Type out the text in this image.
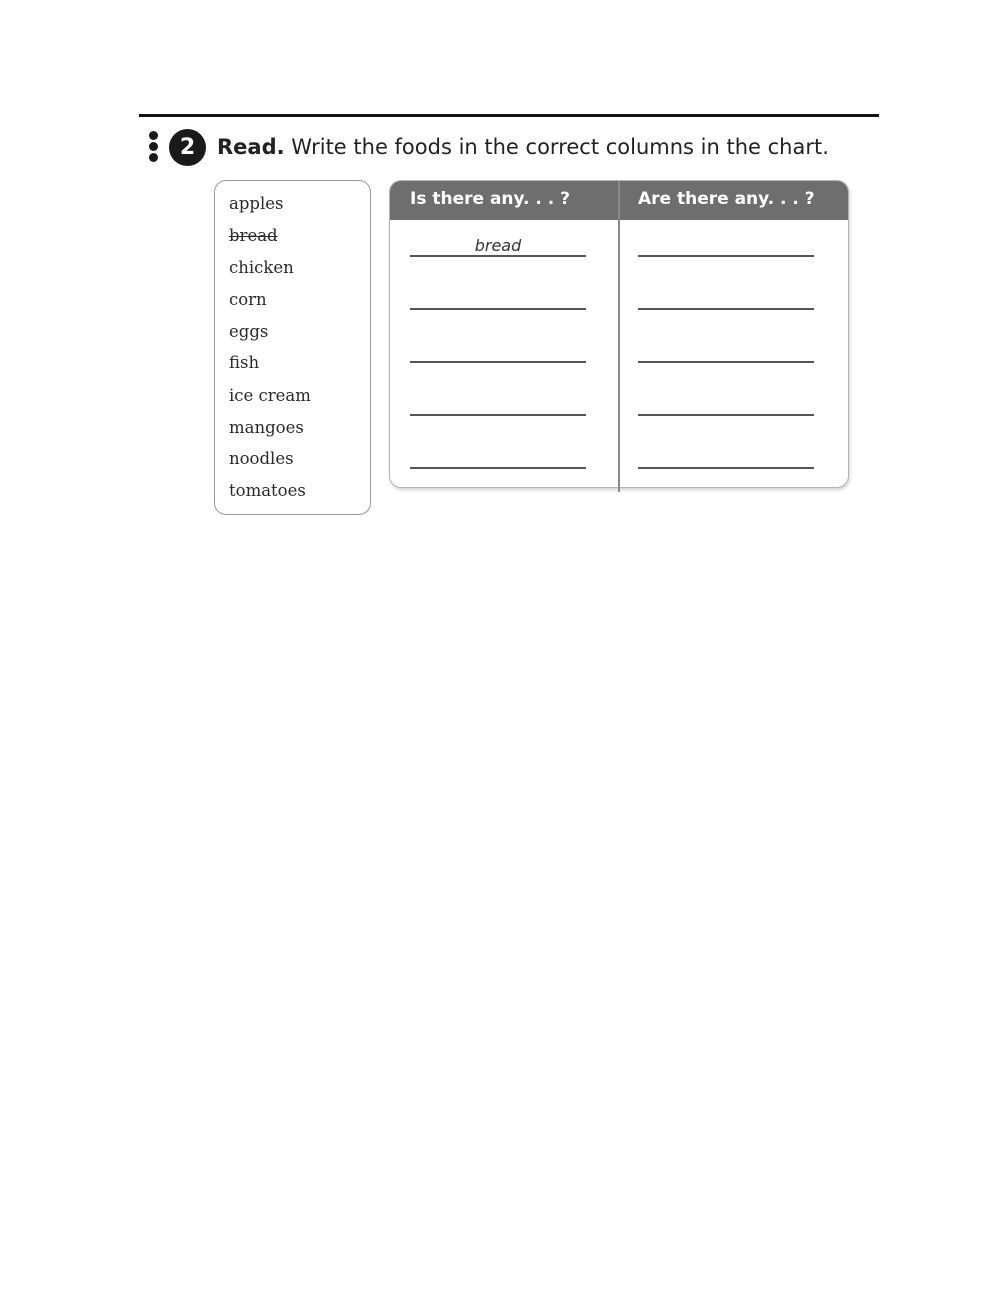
2	Read. Write the foods in the correct columns in the chart.
apples
bread
chicken
corn
eggs
fish
ice cream
mangoes
noodles
tomatoes
Is there any. . . ?	Are there any. . . ?
bread
